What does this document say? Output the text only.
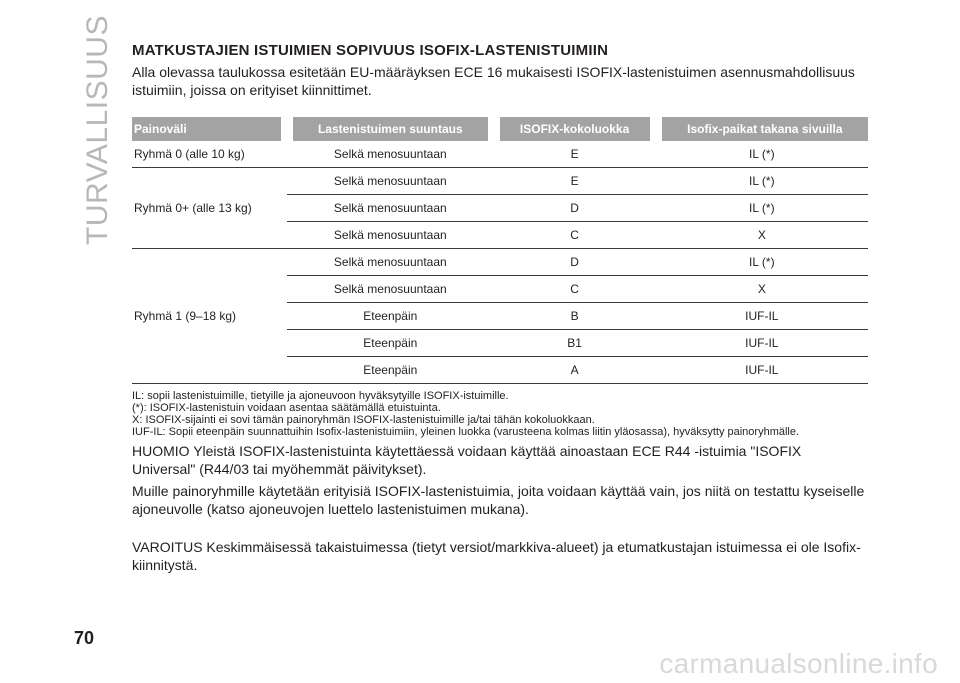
TURVALLISUUS MATKUSTAJIEN ISTUIMIEN SOPIVUUS ISOFIX-LASTENISTUIMIIN

Alla olevassa taulukossa esitetään EU-määräyksen ECE 16 mukaisesti ISOFIX-lastenistuimen asennusmahdollisuus istuimiin, joissa on erityiset kiinnittimet.

Painoväli	Lastenistuimen suuntaus	ISOFIX-kokoluokka	Isofix-paikat takana sivuilla
Ryhmä 0 (alle 10 kg)	Selkä menosuuntaan	E	IL (*)
Ryhmä 0+ (alle 13 kg)	Selkä menosuuntaan	E	IL (*)
	Selkä menosuuntaan	D	IL (*)
	Selkä menosuuntaan	C	X
Ryhmä 1 (9–18 kg)	Selkä menosuuntaan	D	IL (*)
	Selkä menosuuntaan	C	X
	Eteenpäin	B	IUF-IL
	Eteenpäin	B1	IUF-IL
	Eteenpäin	A	IUF-IL
IL: sopii lastenistuimille, tietyille ja ajoneuvoon hyväksytyille ISOFIX-istuimille.
(*): ISOFIX-lastenistuin voidaan asentaa säätämällä etuistuinta.
X: ISOFIX-sijainti ei sovi tämän painoryhmän ISOFIX-lastenistuimille ja/tai tähän kokoluokkaan.
IUF-IL: Sopii eteenpäin suunnattuihin Isofix-lastenistuimiin, yleinen luokka (varusteena kolmas liitin yläosassa), hyväksytty painoryhmälle.

HUOMIO Yleistä ISOFIX-lastenistuinta käytettäessä voidaan käyttää ainoastaan ECE R44 -istuimia "ISOFIX Universal" (R44/03 tai myöhemmät päivitykset).

Muille painoryhmille käytetään erityisiä ISOFIX-lastenistuimia, joita voidaan käyttää vain, jos niitä on testattu kyseiselle ajoneuvolle (katso ajoneuvojen luettelo lastenistuimen mukana).

VAROITUS Keskimmäisessä takaistuimessa (tietyt versiot/markkiva-alueet) ja etumatkustajan istuimessa ei ole Isofix-kiinnitystä.

70
carmanualsonline.info
